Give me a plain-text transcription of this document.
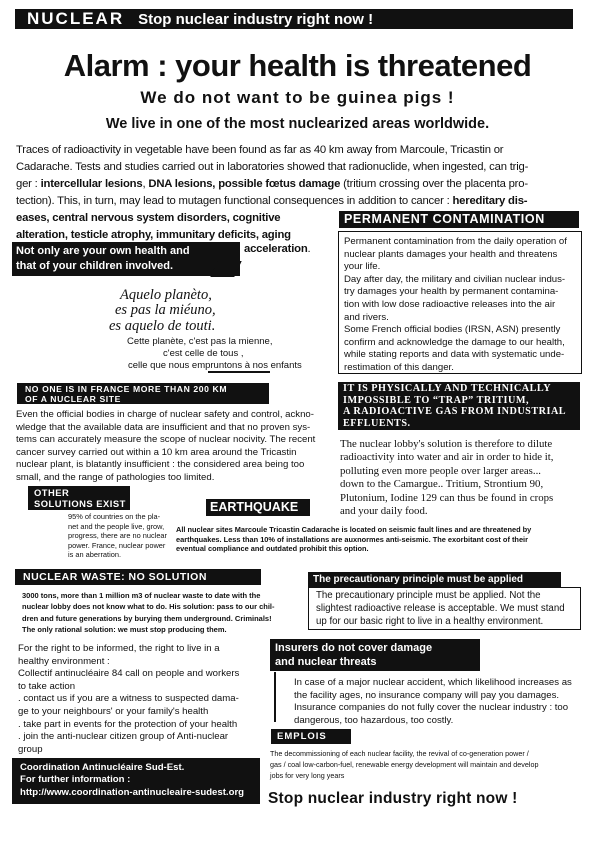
NUCLEAR Stop nuclear industry right now !
Alarm : your health is threatened
We do not want to be guinea pigs !
We live in one of the most nuclearized areas worldwide.
Traces of radioactivity in vegetable have been found as far as 40 km away from Marcoule, Tricastin or
Cadarache. Tests and studies carried out in laboratories showed that radionuclide, when ingested, can trig-
ger : intercellular lesions, DNA lesions, possible fœtus damage (tritium crossing over the placenta pro-
tection). This, in turn, may lead to mutagen functional consequences in addition to cancer : hereditary dis-
eases, central nervous system disorders, cognitive
alteration, testicle atrophy, immunitary deficits, aging
acceleration.
Not only are your own health and
that of your children involved.
Aquelo planèto,
es pas la miéuno,
es aquelo de touti.
Cette planète, c'est pas la mienne,
c'est celle de tous ,
celle que nous empruntons à nos enfants
PERMANENT CONTAMINATION
Permanent contamination from the daily operation of
nuclear plants damages your health and threatens
your life.
Day after day, the military and civilian nuclear indus-
try damages your health by permanent contamina-
tion with low dose radioactive releases into the air
and rivers.
Some French official bodies (IRSN, ASN) presently
confirm and acknowledge the damage to our health,
while stating reports and data with systematic unde-
restimation of this danger.
NO ONE IS IN FRANCE MORE THAN 200 KM
OF A NUCLEAR SITE
Even the official bodies in charge of nuclear safety and control, ackno-
wledge that the available data are insufficient and that no proven sys-
tems can accurately measure the scope of nuclear nocivity. The recent
cancer survey carried out within a 10 km area around the Tricastin
nuclear plant, is blatantly insufficient : the considered area being too
small, and the range of pathologies too limited.
IT IS PHYSICALLY AND TECHNICALLY
IMPOSSIBLE TO “TRAP” TRITIUM,
A RADIOACTIVE GAS FROM INDUSTRIAL
EFFLUENTS.
The nuclear lobby's solution is therefore to dilute
radioactivity into water and air in order to hide it,
polluting even more people over larger areas...
down to the Camargue.. Tritium, Strontium 90,
Plutonium, Iodine 129 can thus be found in crops
and your daily food.
OTHER
SOLUTIONS EXIST
95% of countries on the pla-
net and the people live, grow,
progress, there are no nuclear
power. France, nuclear power
is an aberration.
EARTHQUAKE
All nuclear sites Marcoule Tricastin Cadarache is located on seismic fault lines and are threatened by
earthquakes. Less than 10% of installations are auxnormes anti-seismic. The exorbitant cost of their
eventual compliance and outdated prohibit this option.
NUCLEAR WASTE: NO SOLUTION
3000 tons, more than 1 million m3 of nuclear waste to date with the
nuclear lobby does not know what to do. His solution: pass to our chil-
dren and future generations by burying them underground. Criminals!
The only rational solution: we must stop producing them.
The precautionary principle must be applied
The precautionary principle must be applied. Not the
slightest radioactive release is acceptable. We must stand
up for our basic right to live in a healthy environment.
For the right to be informed, the right to live in a
healthy environment :
Collectif antinucléaire 84 call on people and workers
to take action
. contact us if you are a witness to suspected dama-
ge to your neighbours' or your family's health
. take part in events for the protection of your health
. join the anti-nuclear citizen group of Anti-nuclear
group
Insurers do not cover damage
and nuclear threats
In case of a major nuclear accident, which likelihood increases as
the facility ages, no insurance company will pay you damages.
Insurance companies do not fully cover the nuclear industry : too
dangerous, too hazardous, too costly.
EMPLOIS
The decommissioning of each nuclear facility, the revival of co-generation power /
gas / coal low-carbon-fuel, renewable energy development will maintain and develop
jobs for very long years
Coordination Antinucléaire Sud-Est.
For further information :
http://www.coordination-antinucleaire-sudest.org	Stop nuclear industry right now !
